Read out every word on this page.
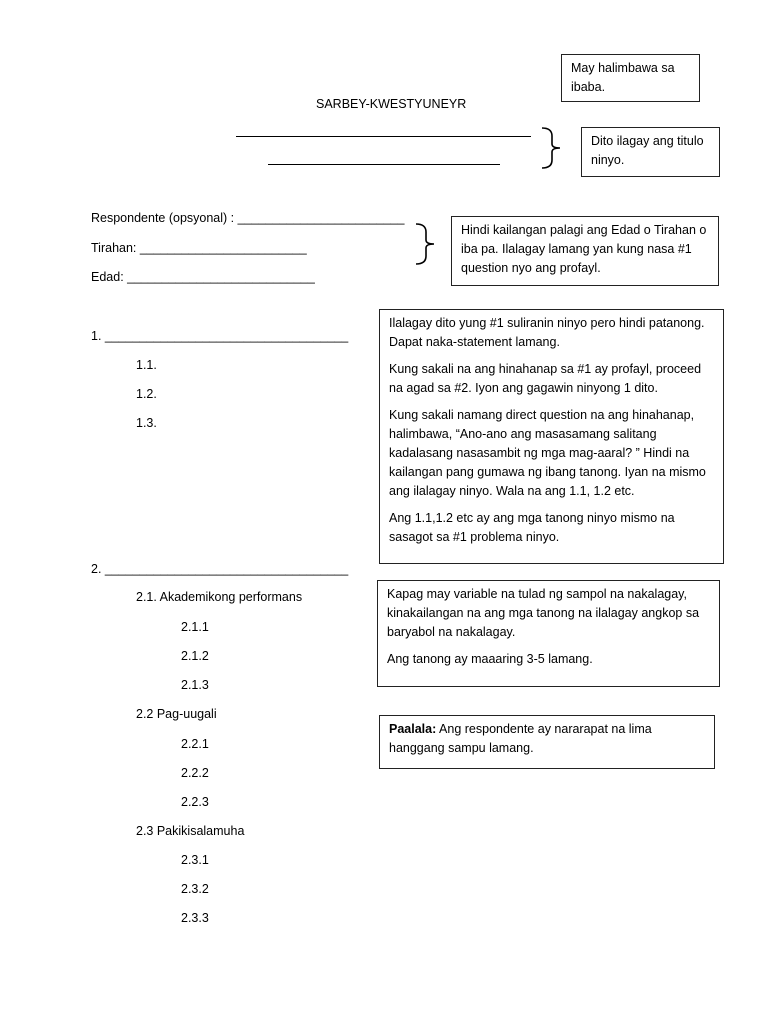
SARBEY-KWESTYUNEYR

May halimbawa sa ibaba.

Dito ilagay ang titulo ninyo.

Respondente (opsyonal) : ________________________
Tirahan: ________________________
Edad: ___________________________

Hindi kailangan palagi ang Edad o Tirahan o iba pa. Ilalagay lamang yan kung nasa #1 question nyo ang profayl.

1. ___________________________________
1.1.
1.2.
1.3.

Ilalagay dito yung #1 suliranin ninyo pero hindi patanong. Dapat naka-statement lamang.

Kung sakali na ang hinahanap sa #1 ay profayl, proceed na agad sa #2. Iyon ang gagawin ninyong 1 dito.

Kung sakali namang direct question na ang hinahanap, halimbawa, “Ano-ano ang masasamang salitang kadalasang nasasambit ng mga mag-aaral? ” Hindi na kailangan pang gumawa ng ibang tanong. Iyan na mismo ang ilalagay ninyo. Wala na ang 1.1, 1.2 etc.

Ang 1.1,1.2 etc ay ang mga tanong ninyo mismo na sasagot sa #1 problema ninyo.

2. ___________________________________
2.1. Akademikong performans
2.1.1
2.1.2
2.1.3
2.2 Pag-uugali
2.2.1
2.2.2
2.2.3
2.3 Pakikisalamuha
2.3.1
2.3.2
2.3.3

Kapag may variable na tulad ng sampol na nakalagay, kinakailangan na ang mga tanong na ilalagay angkop sa baryabol na nakalagay.

Ang tanong ay maaaring 3-5 lamang.

Paalala: Ang respondente ay nararapat na lima hanggang sampu lamang.
